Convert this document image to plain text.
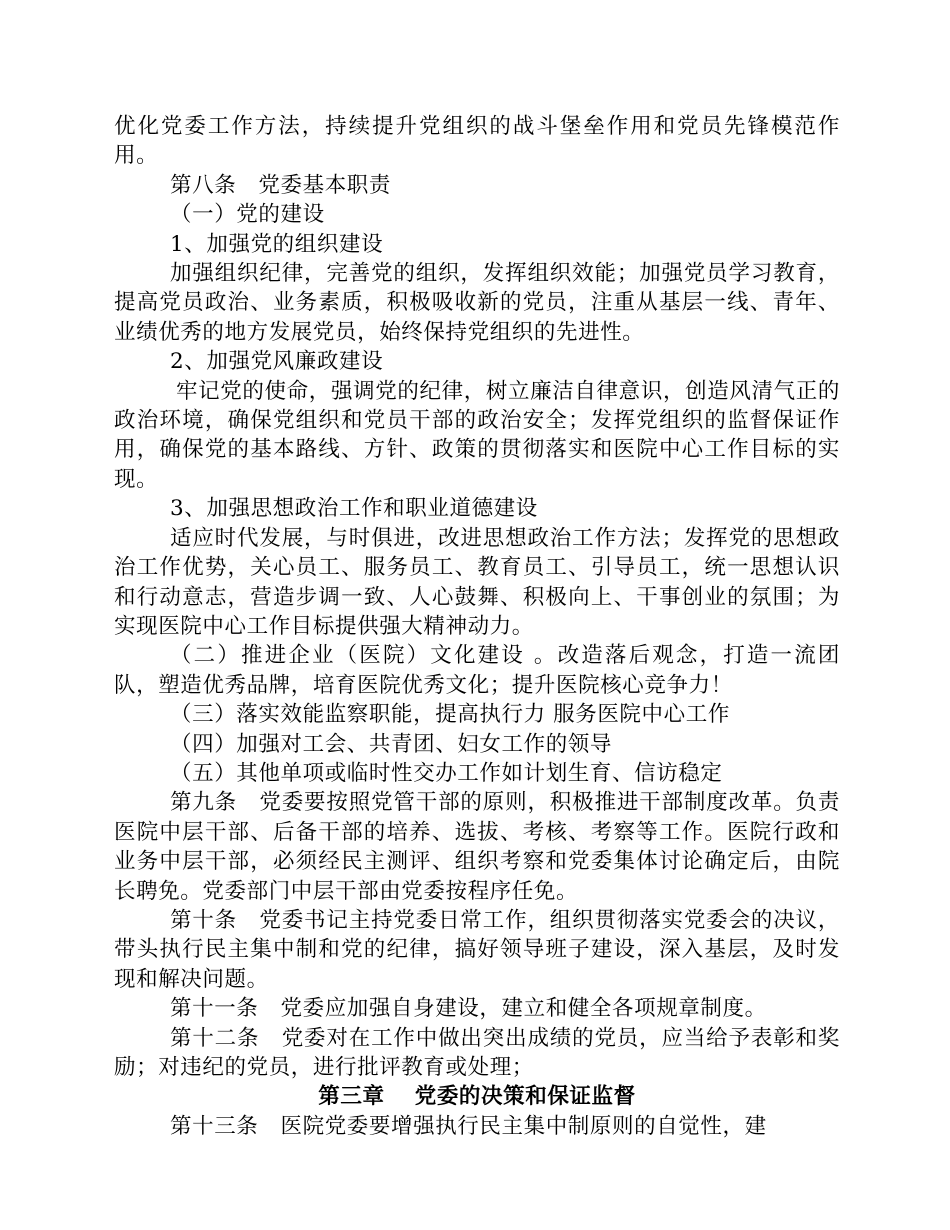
优化党委工作方法，持续提升党组织的战斗堡垒作用和党员先锋模范作用。

第八条　党委基本职责

（一）党的建设

1、加强党的组织建设

加强组织纪律，完善党的组织，发挥组织效能；加强党员学习教育，提高党员政治、业务素质，积极吸收新的党员，注重从基层一线、青年、业绩优秀的地方发展党员，始终保持党组织的先进性。

2、加强党风廉政建设

牢记党的使命，强调党的纪律，树立廉洁自律意识，创造风清气正的政治环境，确保党组织和党员干部的政治安全；发挥党组织的监督保证作用，确保党的基本路线、方针、政策的贯彻落实和医院中心工作目标的实现。

3、加强思想政治工作和职业道德建设

适应时代发展，与时俱进，改进思想政治工作方法；发挥党的思想政治工作优势，关心员工、服务员工、教育员工、引导员工，统一思想认识和行动意志，营造步调一致、人心鼓舞、积极向上、干事创业的氛围；为实现医院中心工作目标提供强大精神动力。

（二）推进企业（医院）文化建设 。改造落后观念，打造一流团队，塑造优秀品牌，培育医院优秀文化；提升医院核心竞争力！

（三）落实效能监察职能，提高执行力 服务医院中心工作

（四）加强对工会、共青团、妇女工作的领导

（五）其他单项或临时性交办工作如计划生育、信访稳定

第九条　党委要按照党管干部的原则，积极推进干部制度改革。负责医院中层干部、后备干部的培养、选拔、考核、考察等工作。医院行政和业务中层干部，必须经民主测评、组织考察和党委集体讨论确定后，由院长聘免。党委部门中层干部由党委按程序任免。

第十条　党委书记主持党委日常工作，组织贯彻落实党委会的决议，带头执行民主集中制和党的纪律，搞好领导班子建设，深入基层，及时发现和解决问题。

第十一条　党委应加强自身建设，建立和健全各项规章制度。

第十二条　党委对在工作中做出突出成绩的党员，应当给予表彰和奖励；对违纪的党员，进行批评教育或处理；

第三章　 党委的决策和保证监督

第十三条　医院党委要增强执行民主集中制原则的自觉性，建
